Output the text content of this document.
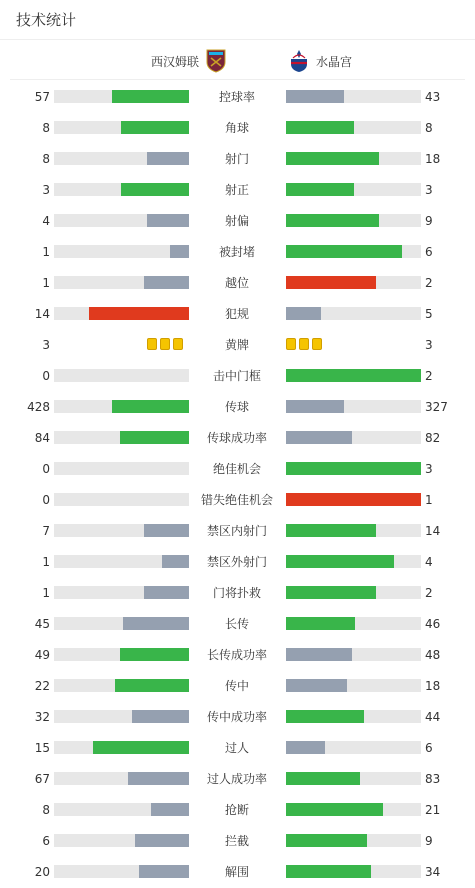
技术统计
西汉姆联	水晶宫
57	控球率	43
8	角球	8
8	射门	18
3	射正	3
4	射偏	9
1	被封堵	6
1	越位	2
14	犯规	5
3	黄牌	3
0	击中门框	2
428	传球	327
84	传球成功率	82
0	绝佳机会	3
0	错失绝佳机会	1
7	禁区内射门	14
1	禁区外射门	4
1	门将扑救	2
45	长传	46
49	长传成功率	48
22	传中	18
32	传中成功率	44
15	过人	6
67	过人成功率	83
8	抢断	21
6	拦截	9
20	解围	34
